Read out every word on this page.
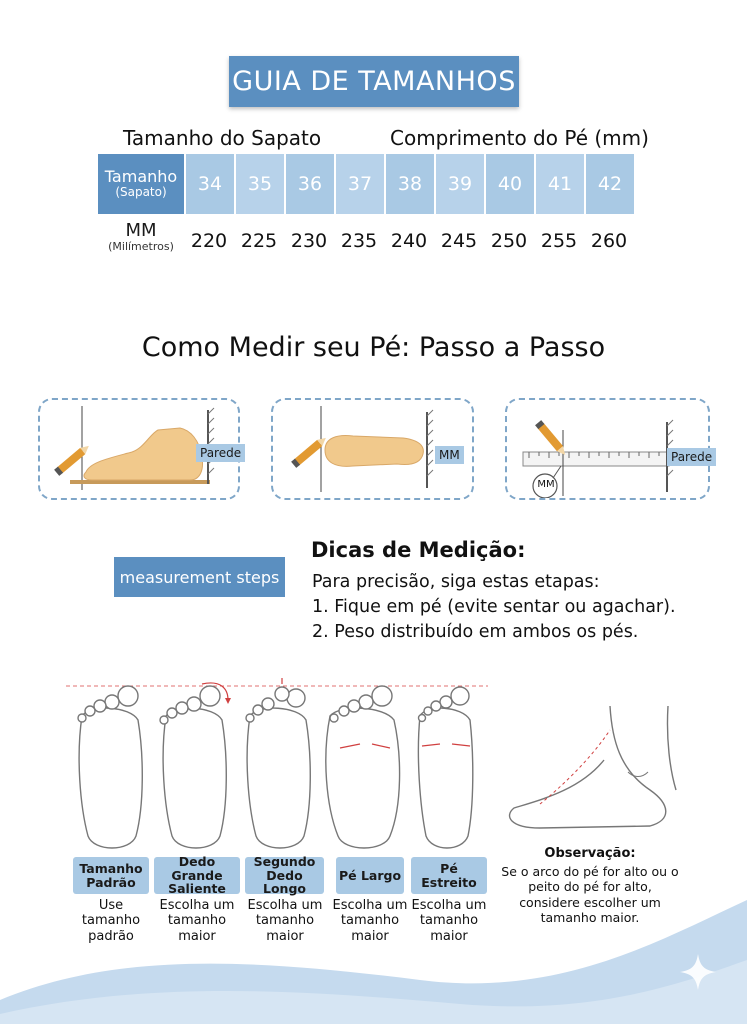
GUIA DE TAMANHOS
Tamanho do Sapato	Comprimento do Pé (mm)
Tamanho
(Sapato)	34	35	36	37	38	39	40	41	42
MM
(Milímetros) 220 225 230 235 240 245 250 255 260
Como Medir seu Pé: Passo a Passo
Parede	MM	Parede
MM
measurement steps
Dicas de Medição:
Para precisão, siga estas etapas:
1. Fique em pé (evite sentar ou agachar).
2. Peso distribuído em ambos os pés.
Tamanho Padrão
Dedo Grande Saliente
Segundo Dedo Longo
Pé Largo	Pé Estreito
Use tamanho padrão
Escolha um tamanho maior
Escolha um tamanho maior
Escolha um tamanho maior
Escolha um tamanho maior
Observação:
Se o arco do pé for alto ou o peito do pé for alto, considere escolher um tamanho maior.
